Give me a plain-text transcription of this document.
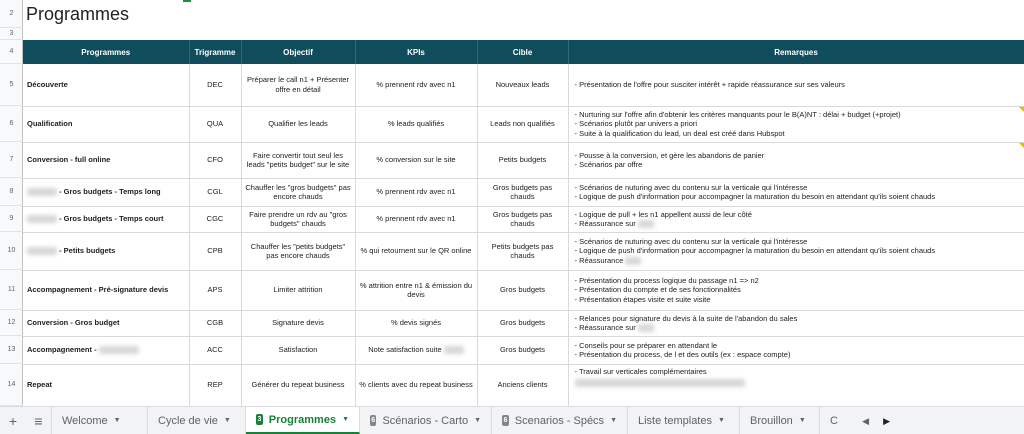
2
3
4
5
6
7
8
9
10
11
12
13
14
Programmes
Programmes	Trigramme	Objectif	KPIs	Cible	Remarques
Découverte	DEC	Préparer le call n1 + Présenter offre en détail	% prennent rdv avec n1	Nouveaux leads	- Présentation de l'offre pour susciter intérêt + rapide réassurance sur ses valeurs

Qualification	QUA	Qualifier les leads	% leads qualifiés	Leads non qualifiés	- Nurturing sur l'offre afin d'obtenir les critères manquants pour le B(A)NT : délai + budget (+projet)
- Scénarios plutôt par univers a priori
- Suite à la qualification du lead, un deal est créé dans Hubspot

Conversion - full online	CFO	Faire convertir tout seul les leads "petits budget" sur le site	% conversion sur le site	Petits budgets	- Pousse à la conversion, et gère les abandons de panier
- Scénarios par offre

- Gros budgets - Temps long	CGL	Chauffer les "gros budgets" pas encore chauds	% prennent rdv avec n1	Gros budgets pas chauds	- Scénarios de nuturing avec du contenu sur la verticale qui l'intéresse
- Logique de push d'information pour accompagner la maturation du besoin en attendant qu'ils soient chauds

- Gros budgets - Temps court	CGC	Faire prendre un rdv au "gros budgets" chauds	% prennent rdv avec n1	Gros budgets pas chauds	- Logique de pull + les n1 appellent aussi de leur côté
- Réassurance sur

- Petits budgets	CPB	Chauffer les "petits budgets" pas encore chauds	% qui retournent sur le QR online	Petits budgets pas chauds	- Scénarios de nuturing avec du contenu sur la verticale qui l'intéresse
- Logique de push d'information pour accompagner la maturation du besoin en attendant qu'ils soient chauds
- Réassurance

Accompagnement - Pré-signature devis	APS	Limiter attrition	% attrition entre n1 & émission du devis	Gros budgets	- Présentation du process logique du passage n1 => n2
- Présentation du compte et de ses fonctionnalités
- Présentation étapes visite et suite visite

Conversion - Gros budget	CGB	Signature devis	% devis signés	Gros budgets	- Relances pour signature du devis à la suite de l'abandon du sales
- Réassurance sur

Accompagnement -	ACC	Satisfaction	Note satisfaction suite	Gros budgets	- Conseils pour se préparer en attendant le
- Présentation du process, de l et des outils (ex : espace compte)

Repeat	REP	Générer du repeat business	% clients avec du repeat business	Anciens clients	- Travail sur verticales complémentaires
+ ≡ Welcome ▼	Cycle de vie ▼	3 Programmes ▼	6 Scénarios - Carto ▼	6 Scenarios - Spécs ▼ Liste templates ▼ Brouillon ▼ C	◀ ▶
